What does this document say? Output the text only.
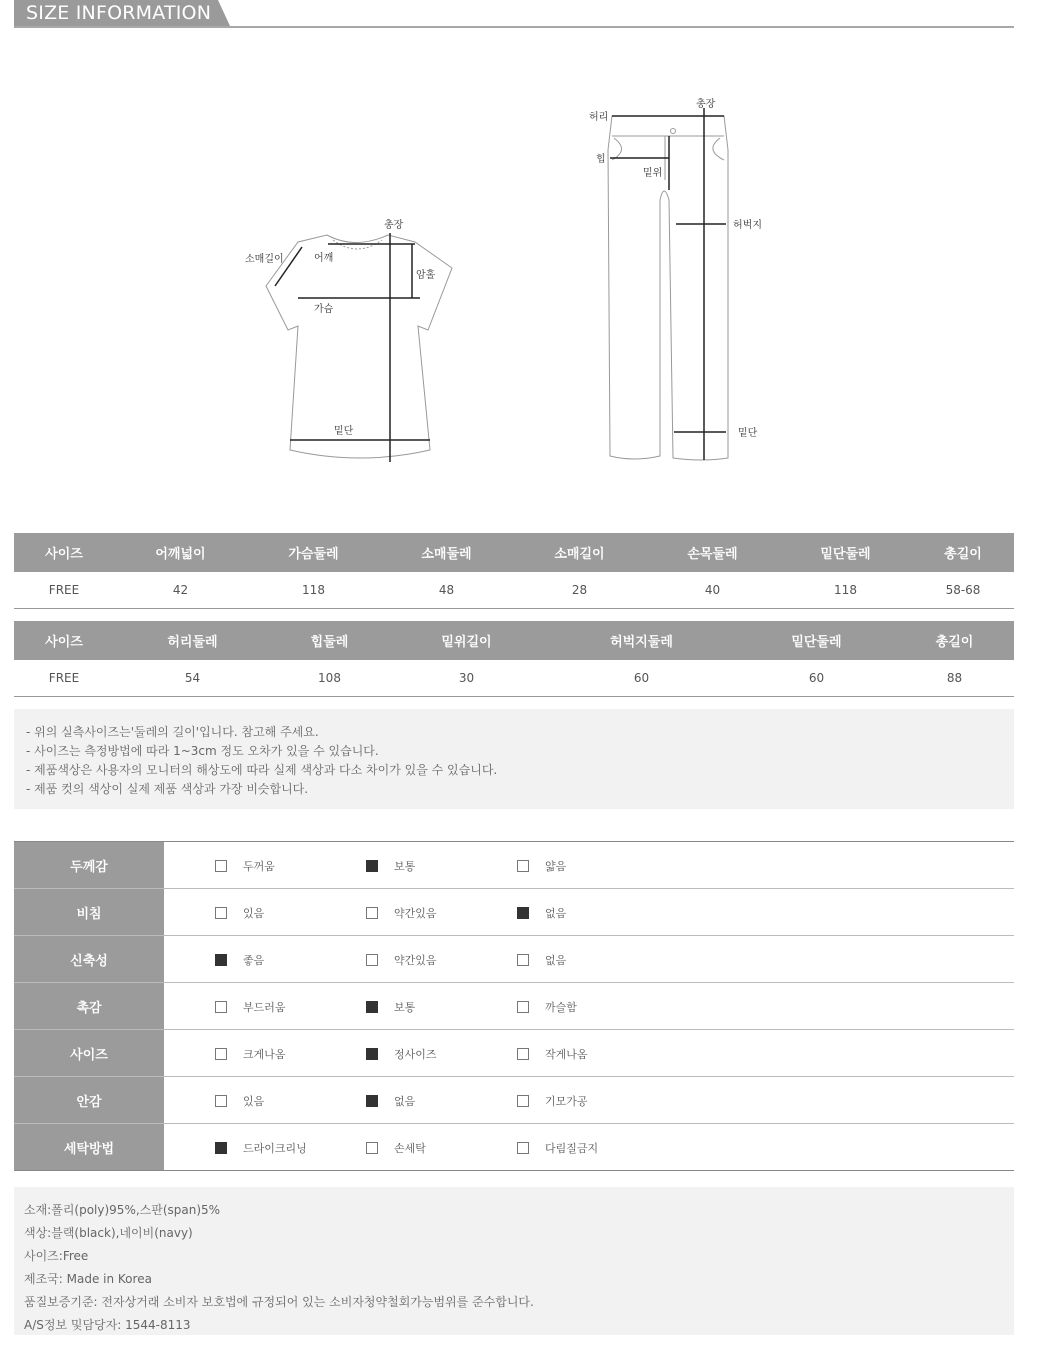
SIZE INFORMATION
총장
소매길이	어깨
암홀
가슴
밑단
허리
총장
힙
밑위
허벅지
밑단
사이즈	어깨넓이	가슴둘레	소매둘레	소매길이	손목둘레	밑단둘레	총길이
FREE	42	118	48	28	40	118	58-68
사이즈	허리둘레	힙둘레	밑위길이	허벅지둘레	밑단둘레	총길이
FREE	54	108	30	60	60	88
- 위의 실측사이즈는'둘레의 길이'입니다. 참고해 주세요.
- 사이즈는 측정방법에 따라 1~3cm 정도 오차가 있을 수 있습니다.
- 제품색상은 사용자의 모니터의 해상도에 따라 실제 색상과 다소 차이가 있을 수 있습니다.
- 제품 컷의 색상이 실제 제품 색상과 가장 비슷합니다.
두께감	두꺼움	보통	얇음
비침	있음	약간있음	없음
신축성	좋음	약간있음	없음
촉감	부드러움	보통	까슬함
사이즈	크게나옴	정사이즈	작게나옴
안감	있음	없음	기모가공
세탁방법	드라이크리닝	손세탁	다림질금지
소재:폴리(poly)95%,스판(span)5%
색상:블랙(black),네이비(navy)
사이즈:Free
제조국: Made in Korea
품질보증기준: 전자상거래 소비자 보호법에 규정되어 있는 소비자청약철회가능범위를 준수합니다.
A/S정보 및담당자: 1544-8113
